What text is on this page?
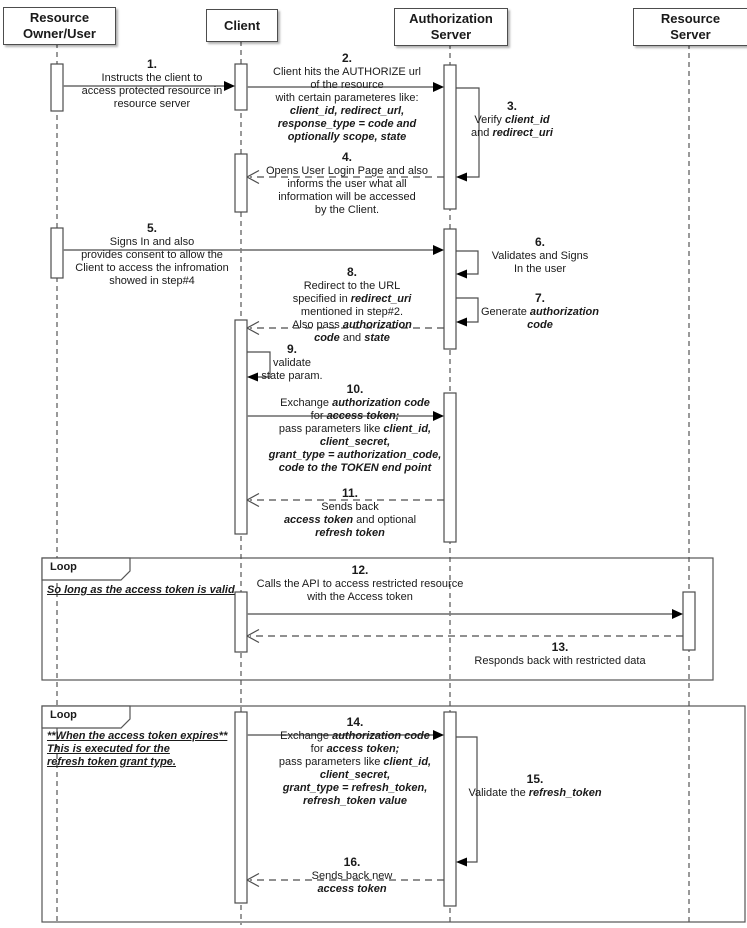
Resource
Owner/User
Client	Authorization
Server
Resource
Server
1.
Instructs the client to
access protected resource in
resource server
2.
Client hits the AUTHORIZE url
of the resource
with certain parameteres like:
client_id, redirect_url,
response_type = code and
optionally scope, state
3.
Verify client_id
and redirect_uri
4.
Opens User Login Page and also
informs the user what all
information will be accessed
by the Client.
5.
Signs In and also
provides consent to allow the
Client to access the infromation
showed in step#4
6.
Validates and Signs
In the user
7.
Generate authorization
code
8.
Redirect to the URL
specified in redirect_uri
mentioned in step#2.
Also pass authorization
code and state
9.
validate
state param.
10.
Exchange authorization code
for access token;
pass parameters like client_id,
client_secret,
grant_type = authorization_code,
code to the TOKEN end point
11.
Sends back
access token and optional
refresh token
12.
Calls the API to access restricted resource
with the Access token
13.
Responds back with restricted data
14.
Exchange authorization code
for access token;
pass parameters like client_id,
client_secret,
grant_type = refresh_token,
refresh_token value
15.
Validate the refresh_token
16.
Sends back new
access token
Loop
So long as the access token is valid
Loop
**When the access token expires**
This is executed for the
refresh token grant type.
